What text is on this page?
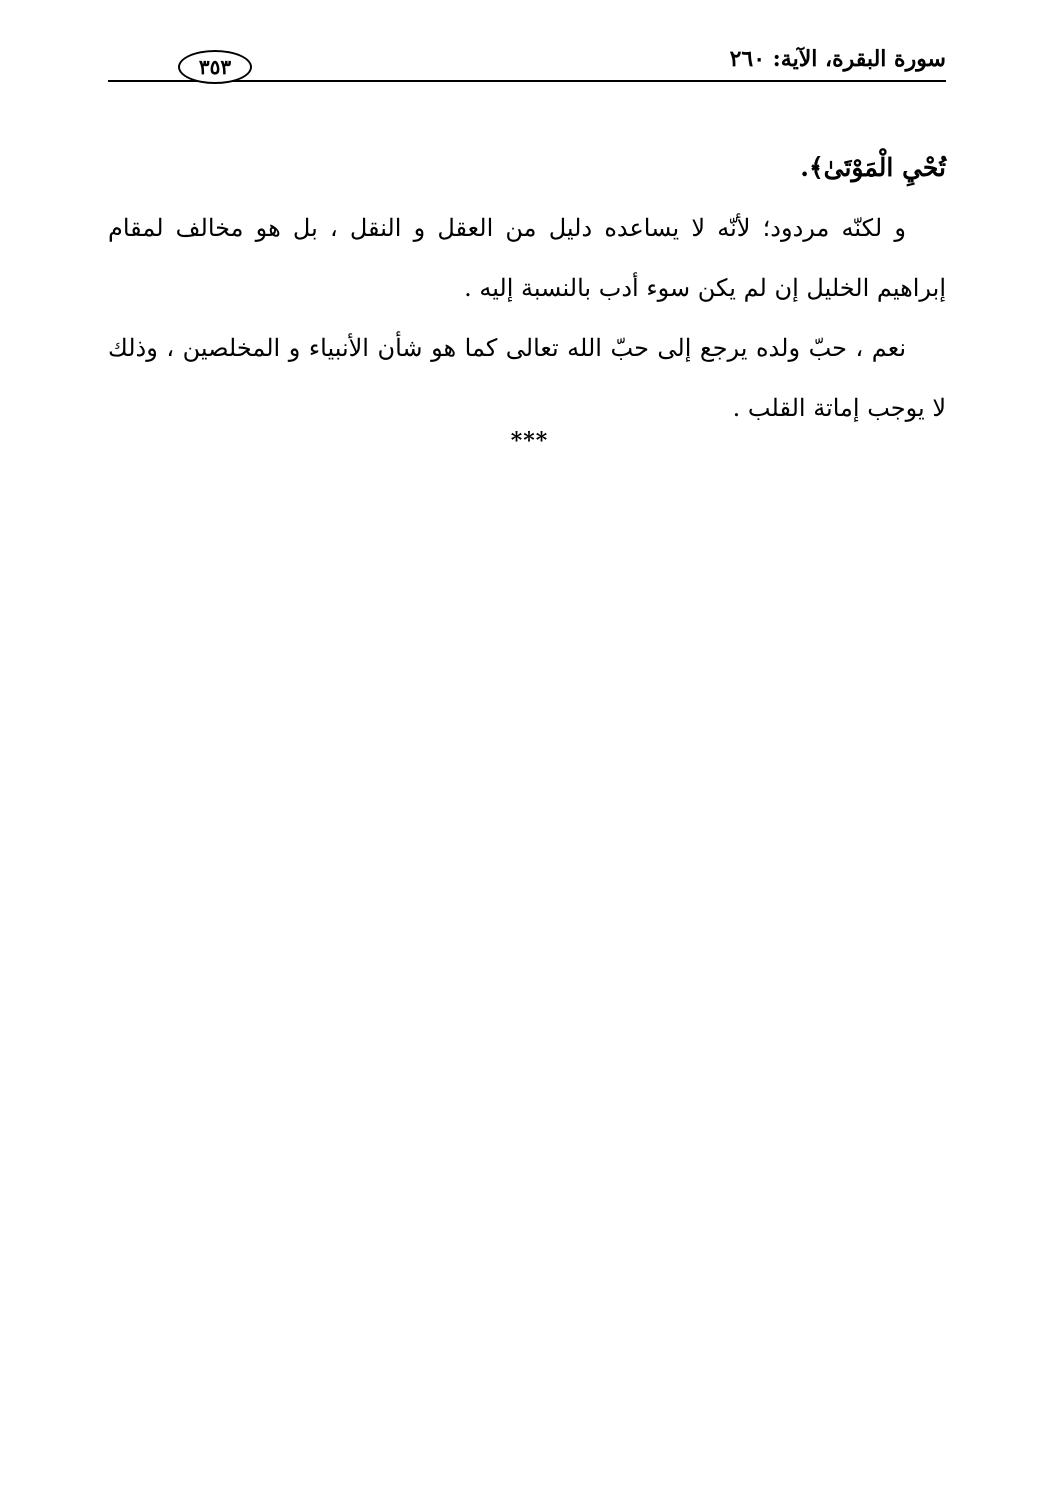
سورة البقرة، الآية: ٢٦٠
٣٥٣

تُحْيِ الْمَوْتَىٰ﴾.

و لكنّه مردود؛ لأنّه لا يساعده دليل من العقل و النقل ، بل هو مخالف لمقام إبراهيم الخليل إن لم يكن سوء أدب بالنسبة إليه .

نعم ، حبّ ولده يرجع إلى حبّ الله تعالى كما هو شأن الأنبياء و المخلصين ، وذلك لا يوجب إماتة القلب .

***
